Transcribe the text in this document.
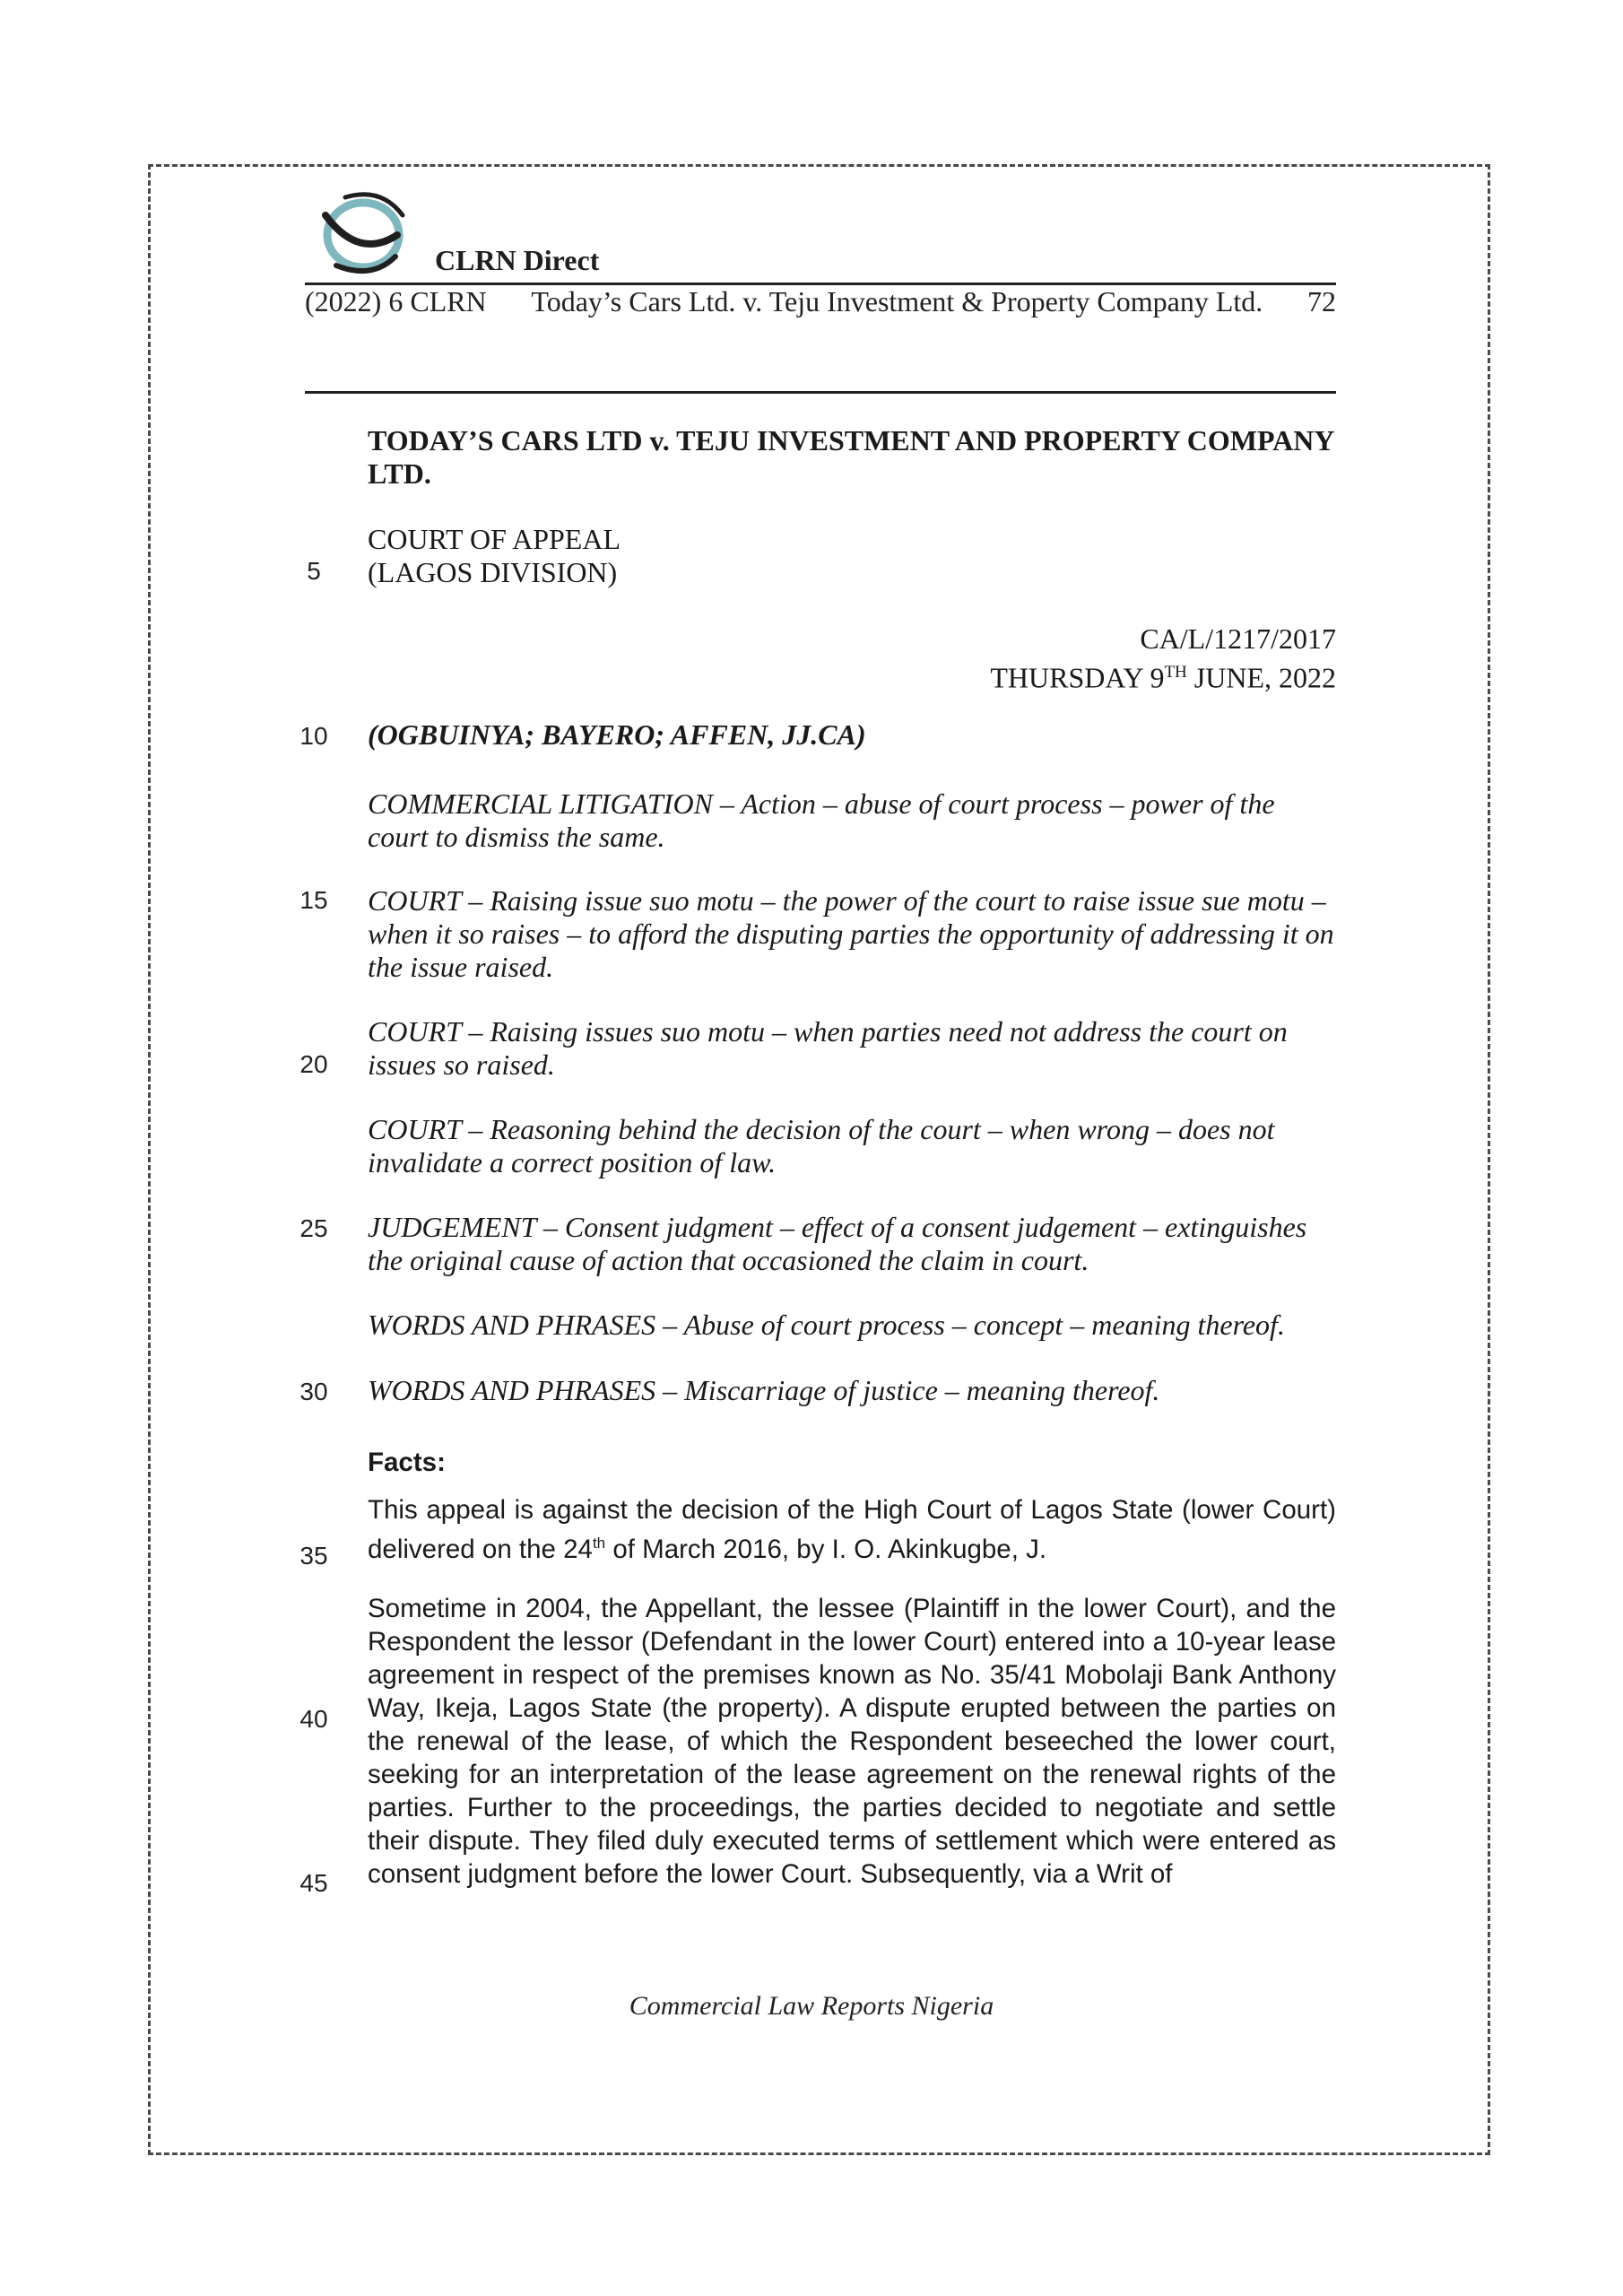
CLRN Direct
(2022) 6 CLRN Today’s Cars Ltd. v. Teju Investment & Property Company Ltd. 72
TODAY’S CARS LTD v. TEJU INVESTMENT AND PROPERTY COMPANY LTD.
COURT OF APPEAL
(LAGOS DIVISION)
CA/L/1217/2017
THURSDAY 9TH JUNE, 2022
(OGBUINYA; BAYERO; AFFEN, JJ.CA)
COMMERCIAL LITIGATION – Action – abuse of court process – power of the court to dismiss the same.
COURT – Raising issue suo motu – the power of the court to raise issue sue motu – when it so raises – to afford the disputing parties the opportunity of addressing it on the issue raised.
COURT – Raising issues suo motu – when parties need not address the court on issues so raised.
COURT – Reasoning behind the decision of the court – when wrong – does not invalidate a correct position of law.
JUDGEMENT – Consent judgment – effect of a consent judgement – extinguishes the original cause of action that occasioned the claim in court.
WORDS AND PHRASES – Abuse of court process – concept – meaning thereof.
WORDS AND PHRASES – Miscarriage of justice – meaning thereof.
Facts:
This appeal is against the decision of the High Court of Lagos State (lower Court) delivered on the 24th of March 2016, by I. O. Akinkugbe, J.
Sometime in 2004, the Appellant, the lessee (Plaintiff in the lower Court), and the Respondent the lessor (Defendant in the lower Court) entered into a 10-year lease agreement in respect of the premises known as No. 35/41 Mobolaji Bank Anthony Way, Ikeja, Lagos State (the property). A dispute erupted between the parties on the renewal of the lease, of which the Respondent beseeched the lower court, seeking for an interpretation of the lease agreement on the renewal rights of the parties. Further to the proceedings, the parties decided to negotiate and settle their dispute. They filed duly executed terms of settlement which were entered as consent judgment before the lower Court. Subsequently, via a Writ of
5
10
15
20
25
30
35
40
45
Commercial Law Reports Nigeria
